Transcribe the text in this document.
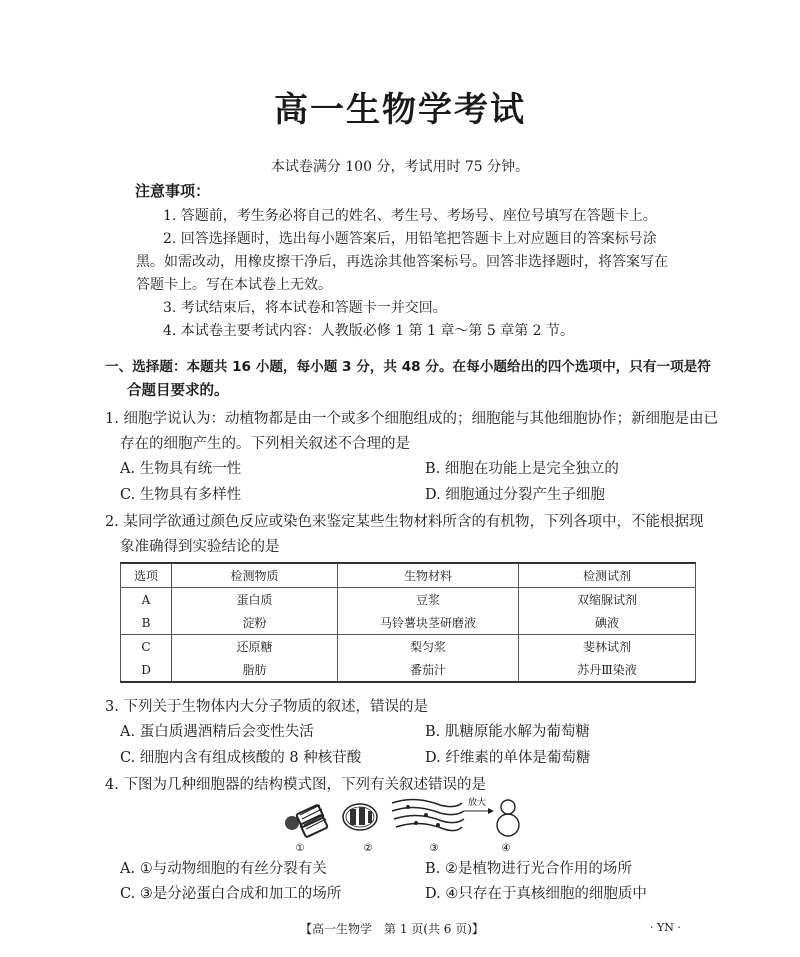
高一生物学考试
本试卷满分 100 分，考试用时 75 分钟。
注意事项：
1. 答题前，考生务必将自己的姓名、考生号、考场号、座位号填写在答题卡上。
2. 回答选择题时，选出每小题答案后，用铅笔把答题卡上对应题目的答案标号涂
黑。如需改动，用橡皮擦干净后，再选涂其他答案标号。回答非选择题时，将答案写在
答题卡上。写在本试卷上无效。
3. 考试结束后，将本试卷和答题卡一并交回。
4. 本试卷主要考试内容：人教版必修 1 第 1 章～第 5 章第 2 节。
一、选择题：本题共 16 小题，每小题 3 分，共 48 分。在每小题给出的四个选项中，只有一项是符
合题目要求的。
1. 细胞学说认为：动植物都是由一个或多个细胞组成的；细胞能与其他细胞协作；新细胞是由已
存在的细胞产生的。下列相关叙述不合理的是
A. 生物具有统一性	B. 细胞在功能上是完全独立的
C. 生物具有多样性	D. 细胞通过分裂产生子细胞
2. 某同学欲通过颜色反应或染色来鉴定某些生物材料所含的有机物，下列各项中，不能根据现
象准确得到实验结论的是
选项	检测物质	生物材料	检测试剂
A	蛋白质	豆浆	双缩脲试剂
B	淀粉	马铃薯块茎研磨液	碘液
C	还原糖	梨匀浆	斐林试剂
D	脂肪	番茄汁	苏丹Ⅲ染液
3. 下列关于生物体内大分子物质的叙述，错误的是
A. 蛋白质遇酒精后会变性失活	B. 肌糖原能水解为葡萄糖
C. 细胞内含有组成核酸的 8 种核苷酸	D. 纤维素的单体是葡萄糖
4. 下图为几种细胞器的结构模式图，下列有关叙述错误的是
①	②	③
放大
④
A. ①与动物细胞的有丝分裂有关	B. ②是植物进行光合作用的场所
C. ③是分泌蛋白合成和加工的场所	D. ④只存在于真核细胞的细胞质中
【高一生物学　第 1 页(共 6 页)】	· YN ·
